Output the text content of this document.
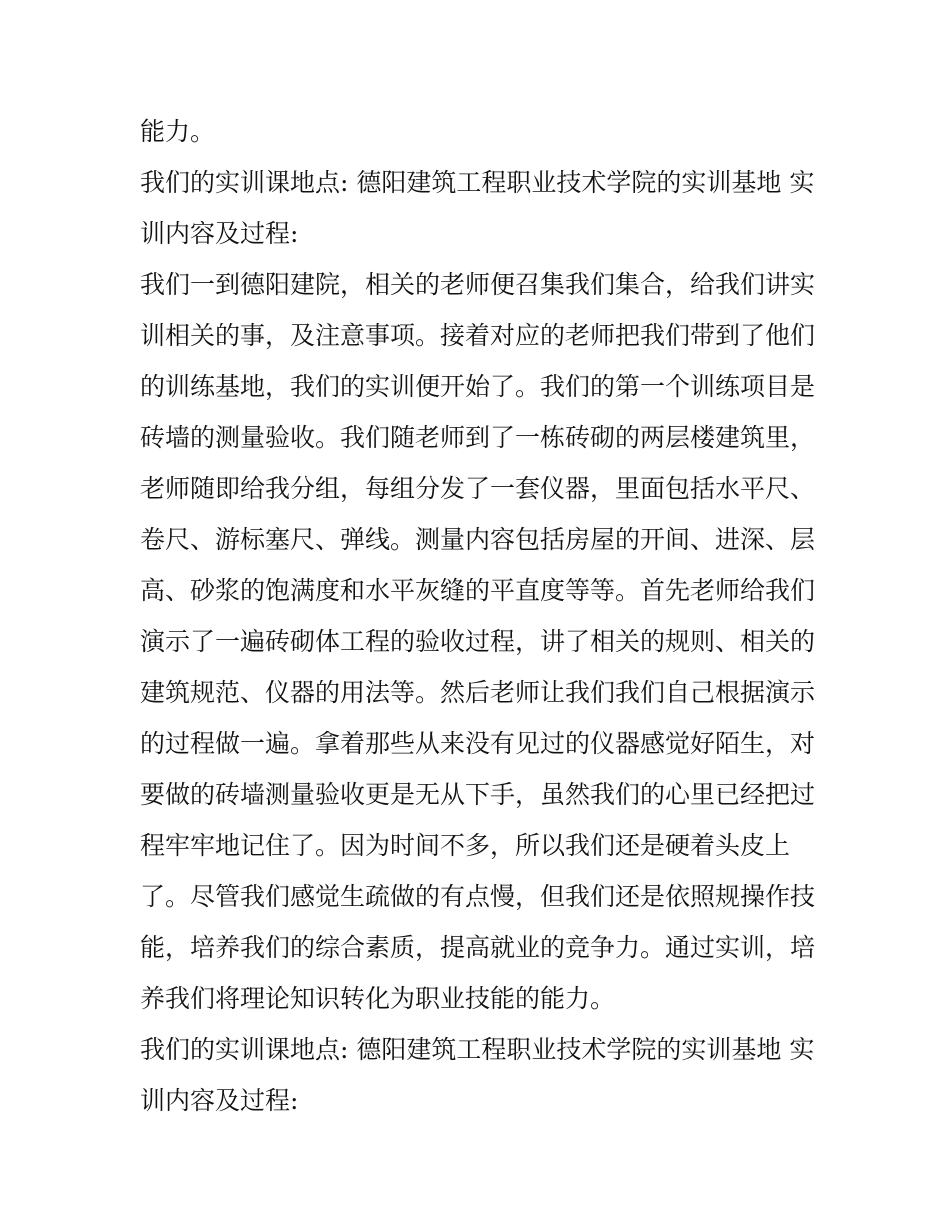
能力。
我们的实训课地点: 德阳建筑工程职业技术学院的实训基地 实
训内容及过程:
我们一到德阳建院，相关的老师便召集我们集合，给我们讲实
训相关的事，及注意事项。接着对应的老师把我们带到了他们
的训练基地，我们的实训便开始了。我们的第一个训练项目是
砖墙的测量验收。我们随老师到了一栋砖砌的两层楼建筑里，
老师随即给我分组，每组分发了一套仪器，里面包括水平尺、
卷尺、游标塞尺、弹线。测量内容包括房屋的开间、进深、层
高、砂浆的饱满度和水平灰缝的平直度等等。首先老师给我们
演示了一遍砖砌体工程的验收过程，讲了相关的规则、相关的
建筑规范、仪器的用法等。然后老师让我们我们自己根据演示
的过程做一遍。拿着那些从来没有见过的仪器感觉好陌生，对
要做的砖墙测量验收更是无从下手，虽然我们的心里已经把过
程牢牢地记住了。因为时间不多，所以我们还是硬着头皮上
了。尽管我们感觉生疏做的有点慢，但我们还是依照规操作技
能，培养我们的综合素质，提高就业的竞争力。通过实训，培
养我们将理论知识转化为职业技能的能力。
我们的实训课地点: 德阳建筑工程职业技术学院的实训基地 实
训内容及过程:
